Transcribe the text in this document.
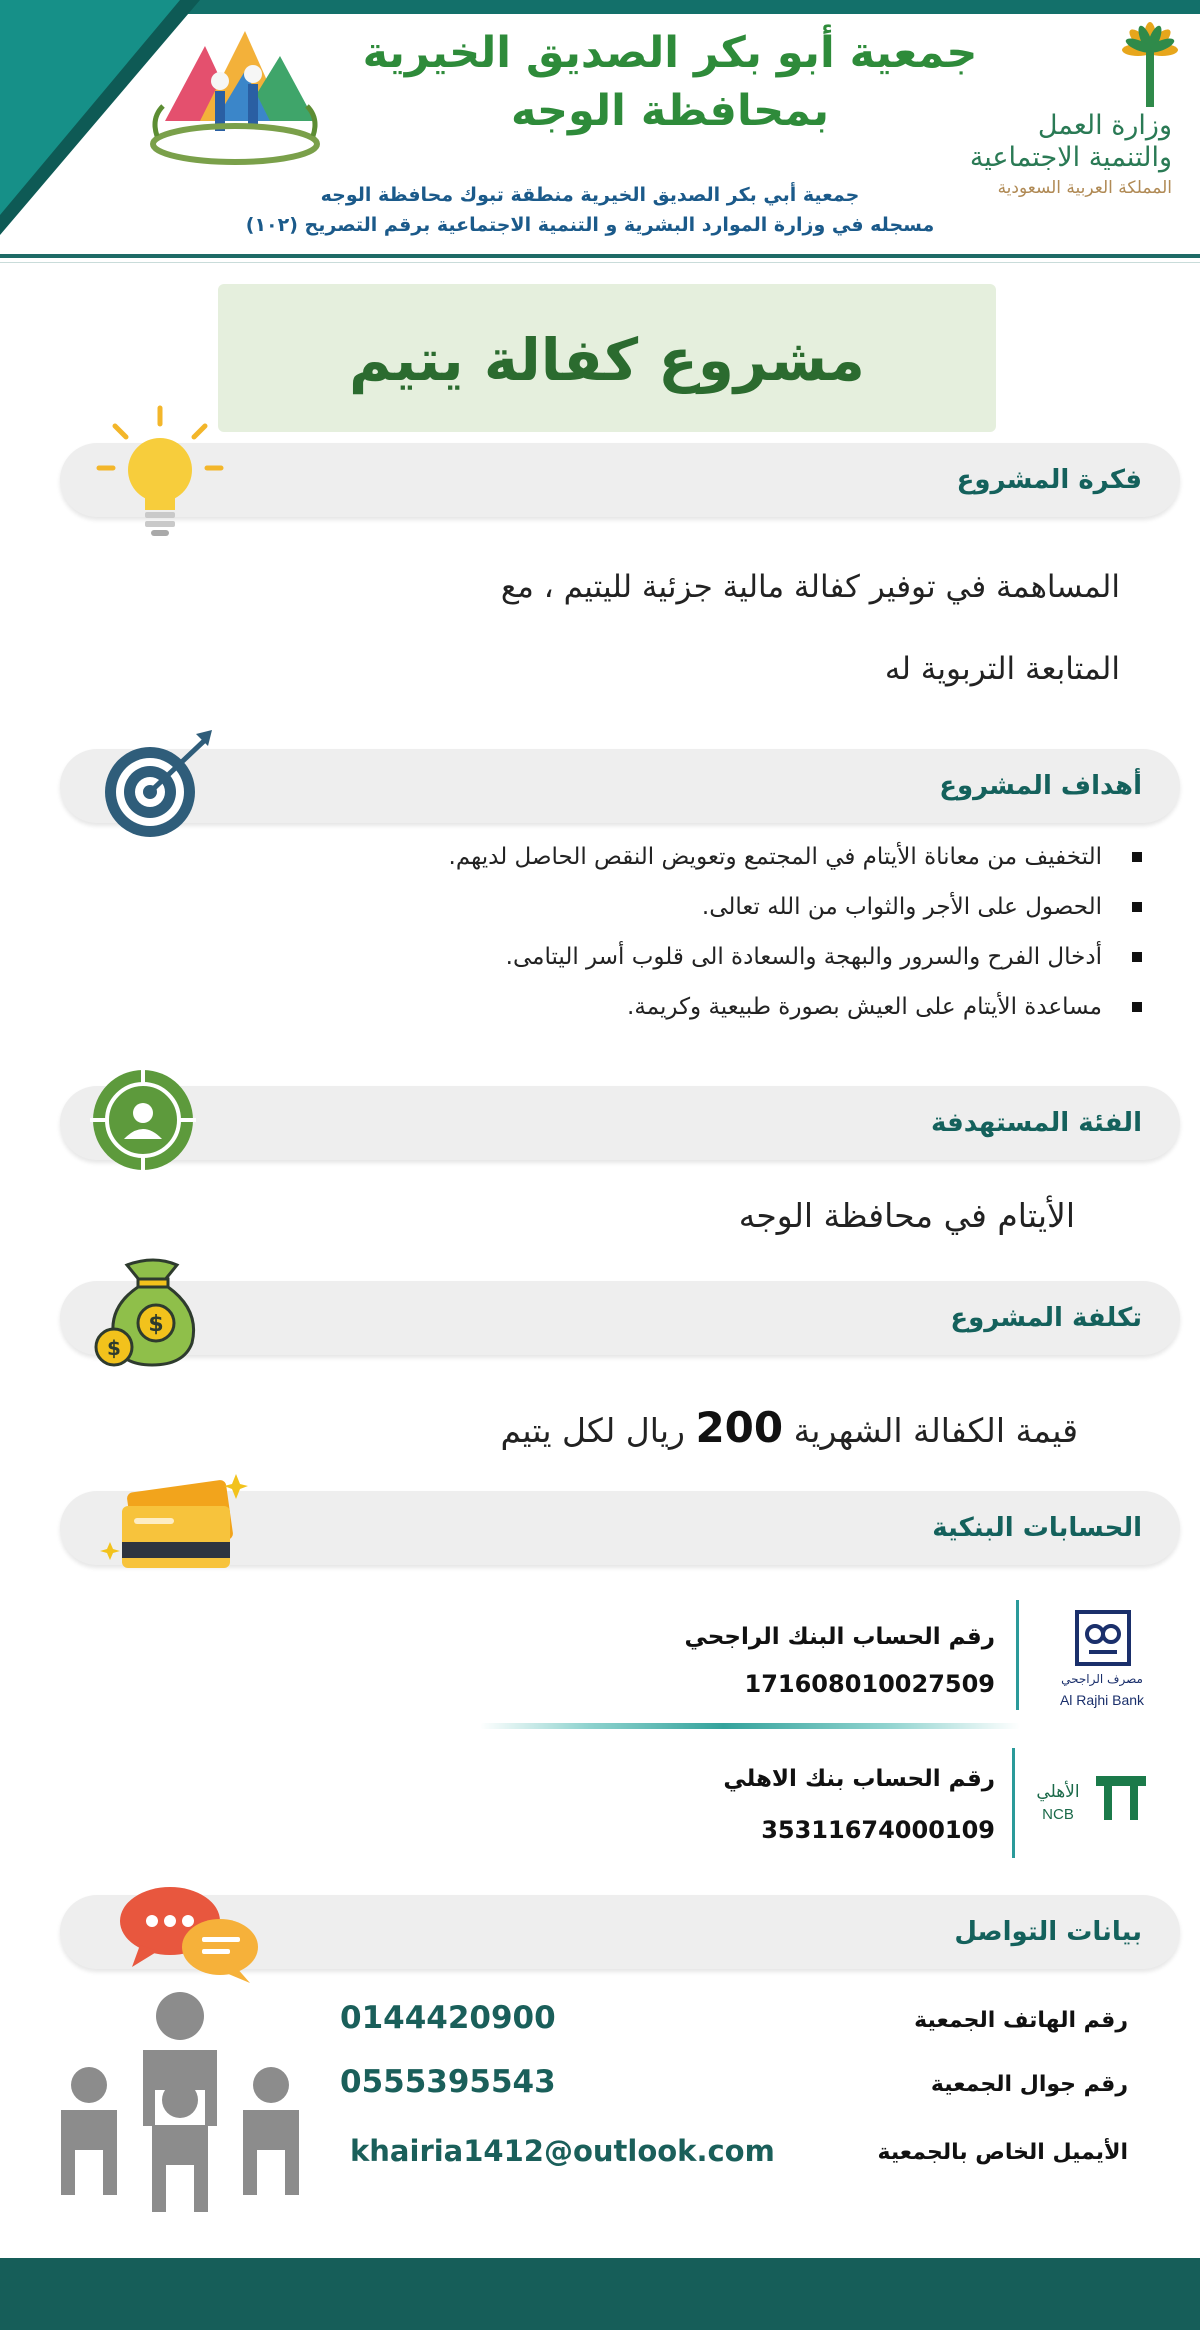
جمعية أبو بكر الصديق الخيرية
بمحافظة الوجه
جمعية أبي بكر الصديق الخيرية منطقة تبوك محافظة الوجه
مسجله في وزارة الموارد البشرية و التنمية الاجتماعية برقم التصريح (١٠٢)
وزارة العمل
والتنمية الاجتماعية
المملكة العربية السعودية
مشروع كفالة يتيم
فكرة المشروع
المساهمة في توفير كفالة مالية جزئية لليتيم ، مع
المتابعة التربوية له
أهداف المشروع
التخفيف من معاناة الأيتام في المجتمع وتعويض النقص الحاصل لديهم.
الحصول على الأجر والثواب من الله تعالى.
أدخال الفرح والسرور والبهجة والسعادة الى قلوب أسر اليتامى.
مساعدة الأيتام على العيش بصورة طبيعية وكريمة.
الفئة المستهدفة
الأيتام في محافظة الوجه
تكلفة المشروع
$
$
قيمة الكفالة الشهرية 200 ريال لكل يتيم
الحسابات البنكية
مصرف الراجحي
Al Rajhi Bank
رقم الحساب البنك الراجحي
171608010027509
الأهلي
NCB
رقم الحساب بنك الاهلي
35311674000109
بيانات التواصل
رقم الهاتف الجمعية
0144420900
رقم جوال الجمعية
0555395543
الأيميل الخاص بالجمعية
khairia1412@outlook.com
